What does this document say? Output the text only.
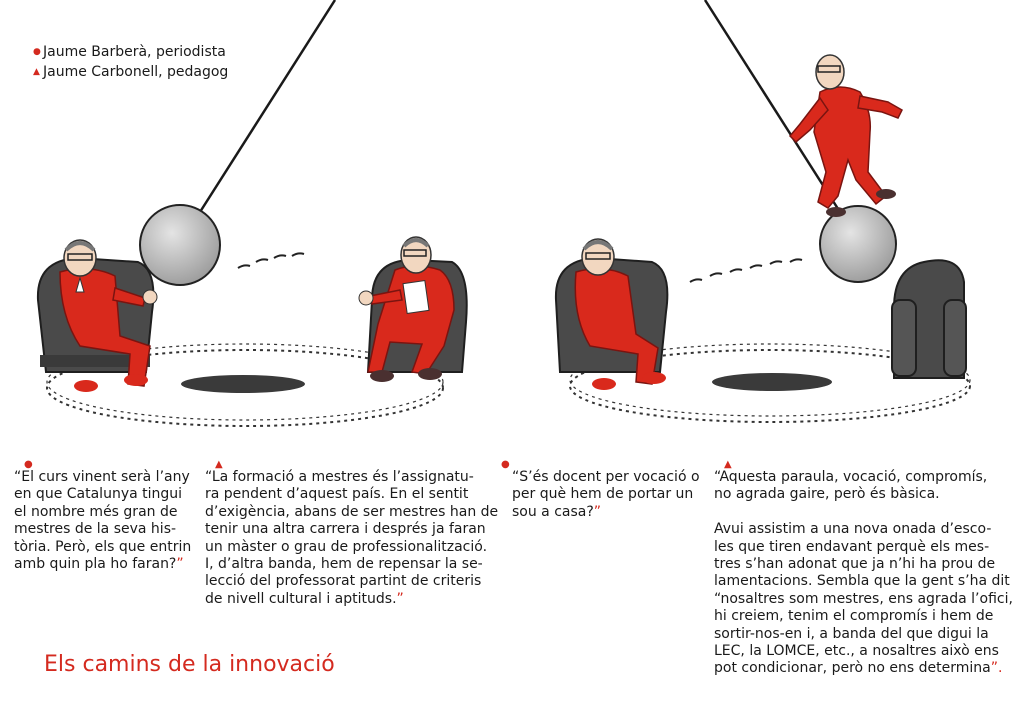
● Jaume Barberà, periodista
▲ Jaume Carbonell, pedagog
●
“El curs vinent serà l’any
en que Catalunya tingui
el nombre més gran de
mestres de la seva his-
tòria. Però, els que entrin
amb quin pla ho faran?”
▲
“La formació a mestres és l’assignatu-
ra pendent d’aquest país. En el sentit
d’exigència, abans de ser mestres han de
tenir una altra carrera i després ja faran
un màster o grau de professionalització.
I, d’altra banda, hem de repensar la se-
lecció del professorat partint de criteris
de nivell cultural i aptituds.”
●
“S’és docent per vocació o
per què hem de portar un
sou a casa?”
▲
“Aquesta paraula, vocació, compromís,
no agrada gaire, però és bàsica.

Avui assistim a una nova onada d’esco-
les que tiren endavant perquè els mes-
tres s’han adonat que ja n’hi ha prou de
lamentacions. Sembla que la gent s’ha dit
“nosaltres som mestres, ens agrada l’ofici,
hi creiem, tenim el compromís i hem de
sortir-nos-en i, a banda del que digui la
LEC, la LOMCE, etc., a nosaltres això ens
pot condicionar, però no ens determina”.
Els camins de la innovació
